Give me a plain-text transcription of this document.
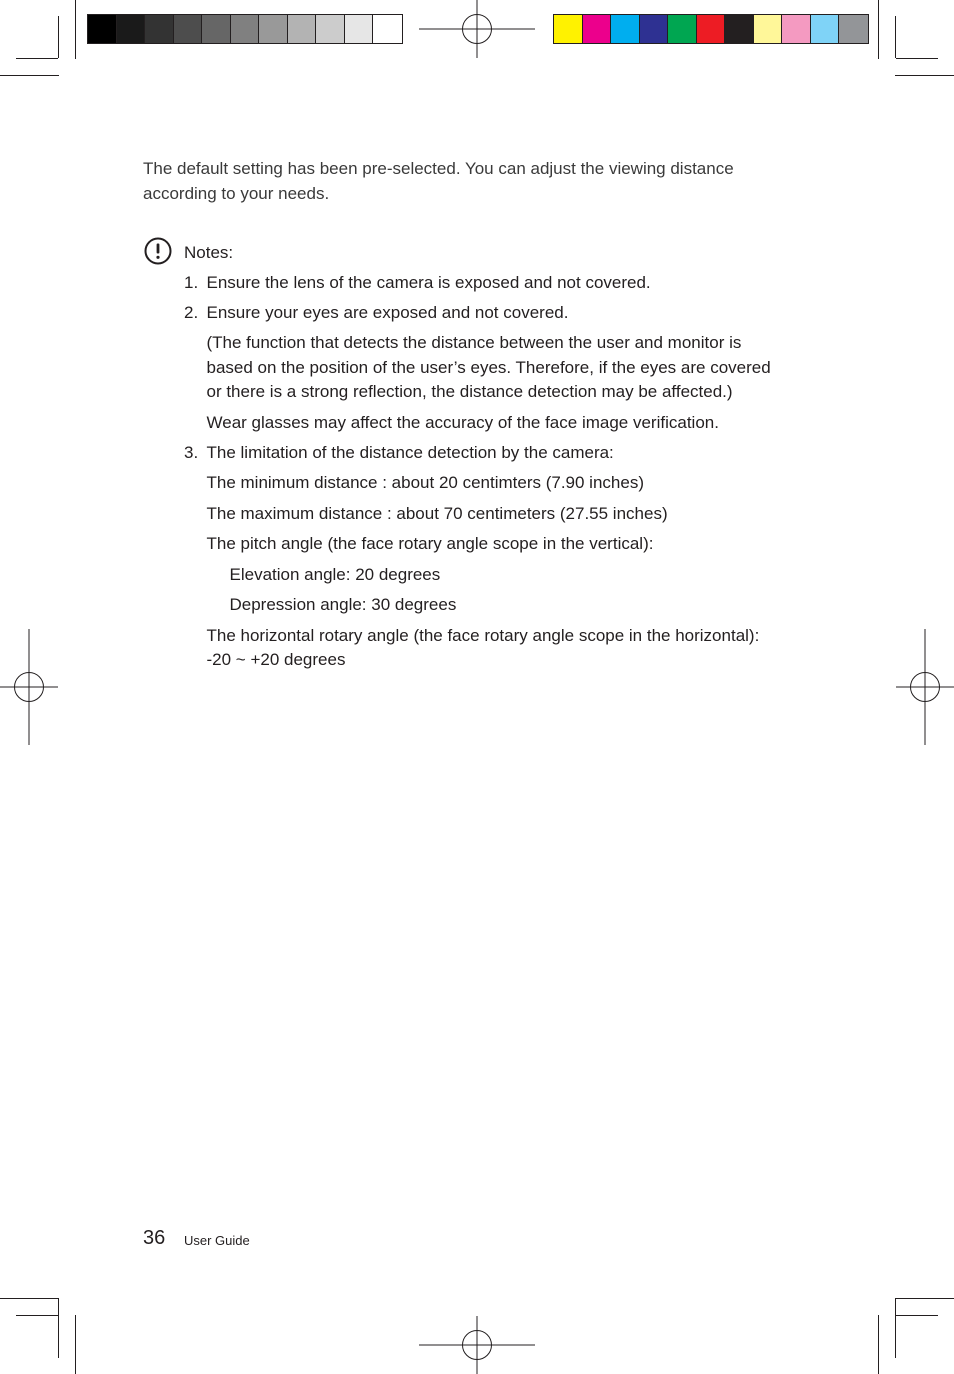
The default setting has been pre-selected. You can adjust the viewing distance according to your needs.
Notes:

1. Ensure the lens of the camera is exposed and not covered.

2. Ensure your eyes are exposed and not covered.

(The function that detects the distance between the user and monitor is based on the position of the user’s eyes. Therefore, if the eyes are covered or there is a strong reflection, the distance detection may be affected.)

Wear glasses may affect the accuracy of the face image verification.

3. The limitation of the distance detection by the camera:

The minimum distance : about 20 centimters (7.90 inches)

The maximum distance : about 70 centimeters (27.55 inches)

The pitch angle (the face rotary angle scope in the vertical):

Elevation angle: 20 degrees

Depression angle: 30 degrees

The horizontal rotary angle (the face rotary angle scope in the horizontal): -20 ~ +20 degrees

36 User Guide
